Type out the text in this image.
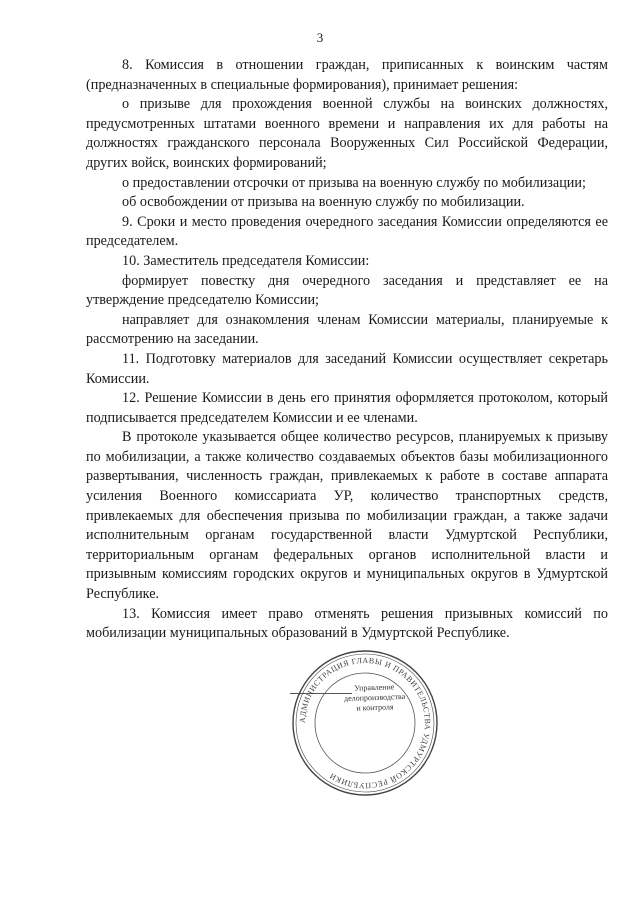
3

8. Комиссия в отношении граждан, приписанных к воинским частям (предназначенных в специальные формирования), принимает решения:

о призыве для прохождения военной службы на воинских должностях, предусмотренных штатами военного времени и направления их для работы на должностях гражданского персонала Вооруженных Сил Российской Федерации, других войск, воинских формирований;

о предоставлении отсрочки от призыва на военную службу по мобилизации;

об освобождении от призыва на военную службу по мобилизации.

9. Сроки и место проведения очередного заседания Комиссии определяются ее председателем.

10. Заместитель председателя Комиссии:

формирует повестку дня очередного заседания и представляет ее на утверждение председателю Комиссии;

направляет для ознакомления членам Комиссии материалы, планируемые к рассмотрению на заседании.

11. Подготовку материалов для заседаний Комиссии осуществляет секретарь Комиссии.

12. Решение Комиссии в день его принятия оформляется протоколом, который подписывается председателем Комиссии и ее членами.

В протоколе указывается общее количество ресурсов, планируемых к призыву по мобилизации, а также количество создаваемых объектов базы мобилизационного развертывания, численность граждан, привлекаемых к работе в составе аппарата усиления Военного комиссариата УР, количество транспортных средств, привлекаемых для обеспечения призыва по мобилизации граждан, а также задачи исполнительным органам государственной власти Удмуртской Республики, территориальным органам федеральных органов исполнительной власти и призывным комиссиям городских округов и муниципальных округов в Удмуртской Республике.

13. Комиссия имеет право отменять решения призывных комиссий по мобилизации муниципальных образований в Удмуртской Республике.

АДМИНИСТРАЦИЯ ГЛАВЫ И ПРАВИТЕЛЬСТВА УДМУРТСКОЙ РЕСПУБЛИКИ
Управление
делопроизводства
и контроля
